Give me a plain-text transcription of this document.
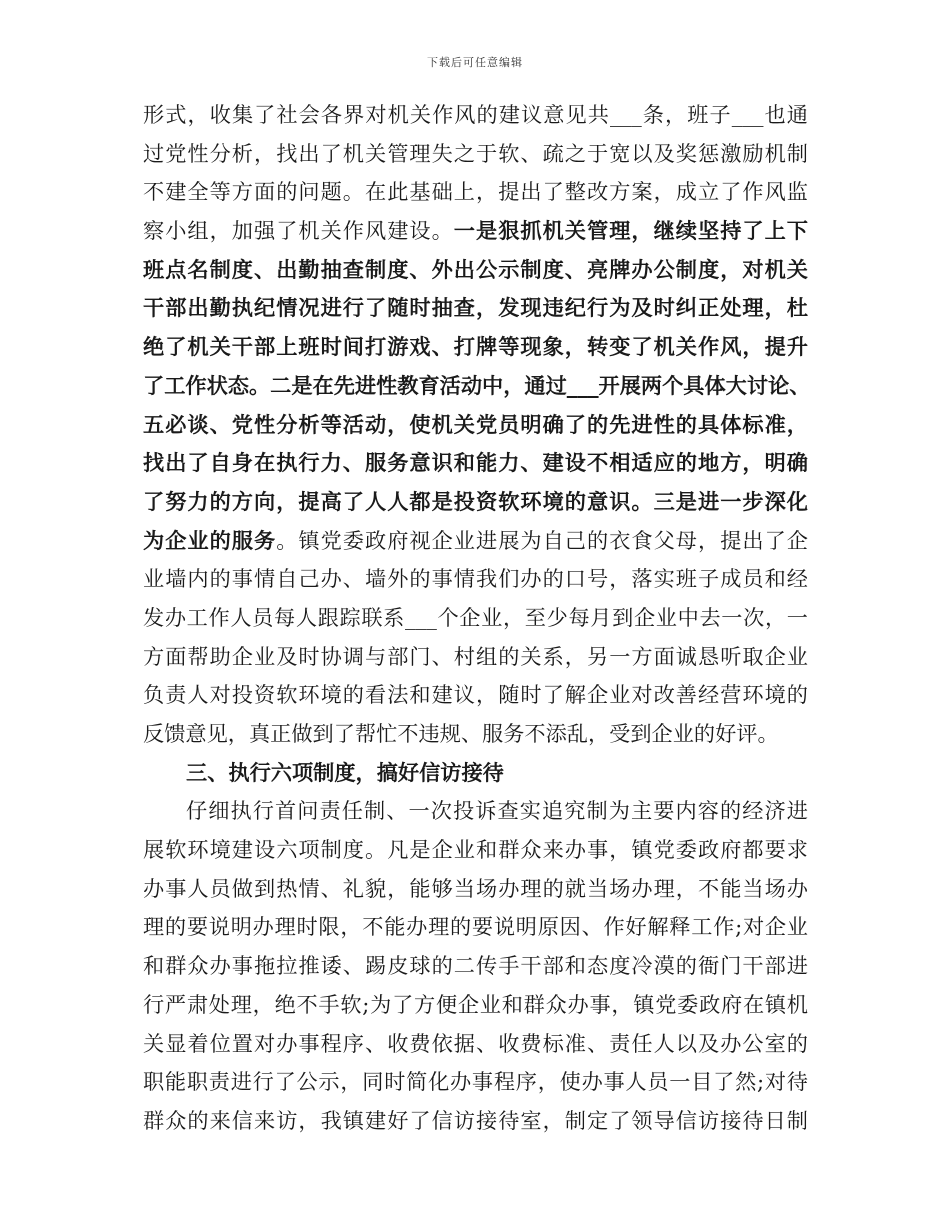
下载后可任意编辑
形式，收集了社会各界对机关作风的建议意见共___条，班子___也通
过党性分析，找出了机关管理失之于软、疏之于宽以及奖惩激励机制
不建全等方面的问题。在此基础上，提出了整改方案，成立了作风监
察小组，加强了机关作风建设。一是狠抓机关管理，继续坚持了上下
班点名制度、出勤抽查制度、外出公示制度、亮牌办公制度，对机关
干部出勤执纪情况进行了随时抽查，发现违纪行为及时纠正处理，杜
绝了机关干部上班时间打游戏、打牌等现象，转变了机关作风，提升
了工作状态。二是在先进性教育活动中，通过___开展两个具体大讨论、
五必谈、党性分析等活动，使机关党员明确了的先进性的具体标准，
找出了自身在执行力、服务意识和能力、建设不相适应的地方，明确
了努力的方向，提高了人人都是投资软环境的意识。三是进一步深化
为企业的服务。镇党委政府视企业进展为自己的衣食父母，提出了企
业墙内的事情自己办、墙外的事情我们办的口号，落实班子成员和经
发办工作人员每人跟踪联系___个企业，至少每月到企业中去一次，一
方面帮助企业及时协调与部门、村组的关系，另一方面诚恳听取企业
负责人对投资软环境的看法和建议，随时了解企业对改善经营环境的
反馈意见，真正做到了帮忙不违规、服务不添乱，受到企业的好评。
三、执行六项制度，搞好信访接待
仔细执行首问责任制、一次投诉查实追究制为主要内容的经济进
展软环境建设六项制度。凡是企业和群众来办事，镇党委政府都要求
办事人员做到热情、礼貌，能够当场办理的就当场办理，不能当场办
理的要说明办理时限，不能办理的要说明原因、作好解释工作;对企业
和群众办事拖拉推诿、踢皮球的二传手干部和态度冷漠的衙门干部进
行严肃处理，绝不手软;为了方便企业和群众办事，镇党委政府在镇机
关显着位置对办事程序、收费依据、收费标准、责任人以及办公室的
职能职责进行了公示，同时简化办事程序，使办事人员一目了然;对待
群众的来信来访，我镇建好了信访接待室，制定了领导信访接待日制
